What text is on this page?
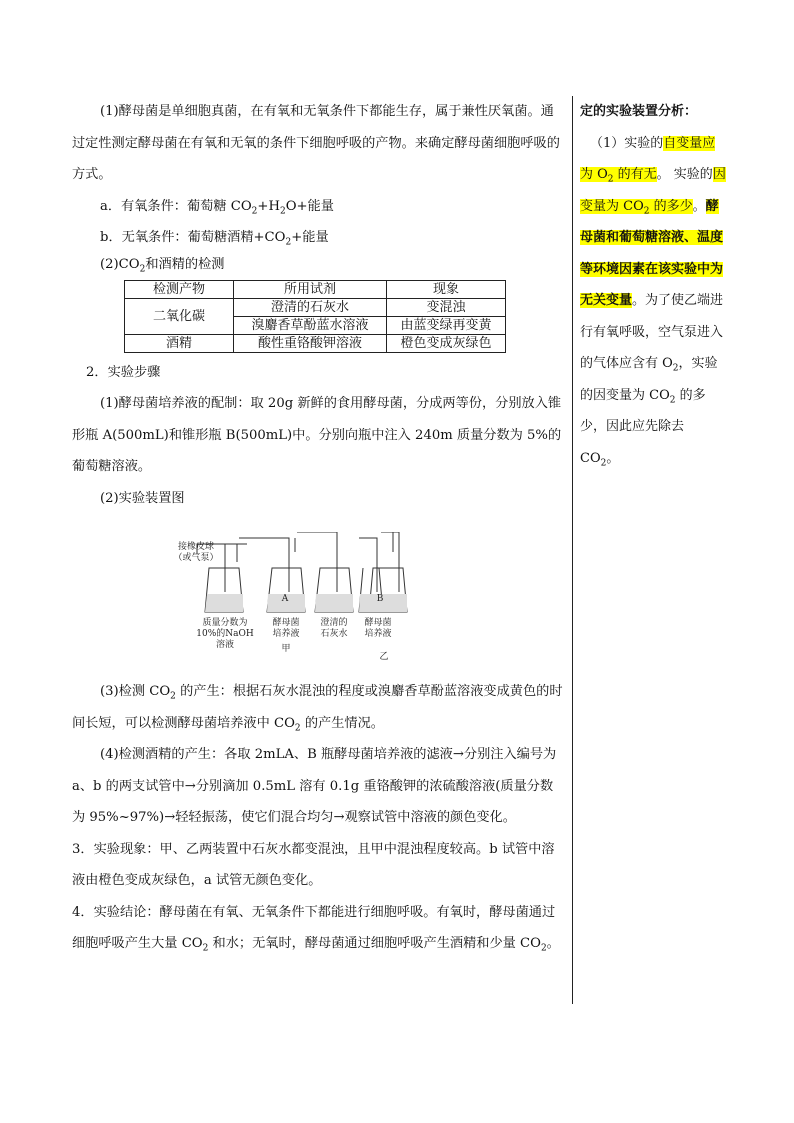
(1)酵母菌是单细胞真菌，在有氧和无氧条件下都能生存，属于兼性厌氧菌。通过定性测定酵母菌在有氧和无氧的条件下细胞呼吸的产物。来确定酵母菌细胞呼吸的方式。

a．有氧条件：葡萄糖 $CO_2+H_2O+$能量

b．无氧条件：葡萄糖酒精$+CO_2+$能量

$(2)CO_2$和酒精的检测

检测产物	所用试剂	现象
二氧化碳	澄清的石灰水	变混浊
	溴麝香草酚蓝水溶液	由蓝变绿再变黄
酒精	酸性重铬酸钾溶液	橙色变成灰绿色

2．实验步骤

(1)酵母菌培养液的配制：取 20g 新鲜的食用酵母菌，分成两等份，分别放入锥形瓶 A(500mL)和锥形瓶 B(500mL)中。分别向瓶中注入 240m 质量分数为 5%的葡萄糖溶液。

(2)实验装置图

接橡皮球（或气泵）
A	B
质量分数为10%的NaOH溶液
酵母菌培养液
澄清的石灰水
酵母菌培养液
甲
乙

(3)检测 $CO_2$ 的产生：根据石灰水混浊的程度或溴麝香草酚蓝溶液变成黄色的时间长短，可以检测酵母菌培养液中 $CO_2$ 的产生情况。

(4)检测酒精的产生：各取 2mLA、B 瓶酵母菌培养液的滤液→分别注入编号为 a、b 的两支试管中→分别滴加 0.5mL 溶有 0.1g 重铬酸钾的浓硫酸溶液(质量分数为 95%~97%)→轻轻振荡，使它们混合均匀→观察试管中溶液的颜色变化。

3．实验现象：甲、乙两装置中石灰水都变混浊，且甲中混浊程度较高。b 试管中溶液由橙色变成灰绿色，a 试管无颜色变化。

4．实验结论：酵母菌在有氧、无氧条件下都能进行细胞呼吸。有氧时，酵母菌通过细胞呼吸产生大量 $CO_2$ 和水；无氧时，酵母菌通过细胞呼吸产生酒精和少量 $CO_2$。

定的实验装置分析：
（1）实验的自变量应为 $O_2$ 的有无。 实验的因变量为 $CO_2$ 的多少。酵母菌和葡萄糖溶液、温度等环境因素在该实验中为无关变量。为了使乙端进行有氧呼吸，空气泵进入的气体应含有 $O_2$，实验的因变量为 $CO_2$ 的多少，因此应先除去 $CO_2$。
